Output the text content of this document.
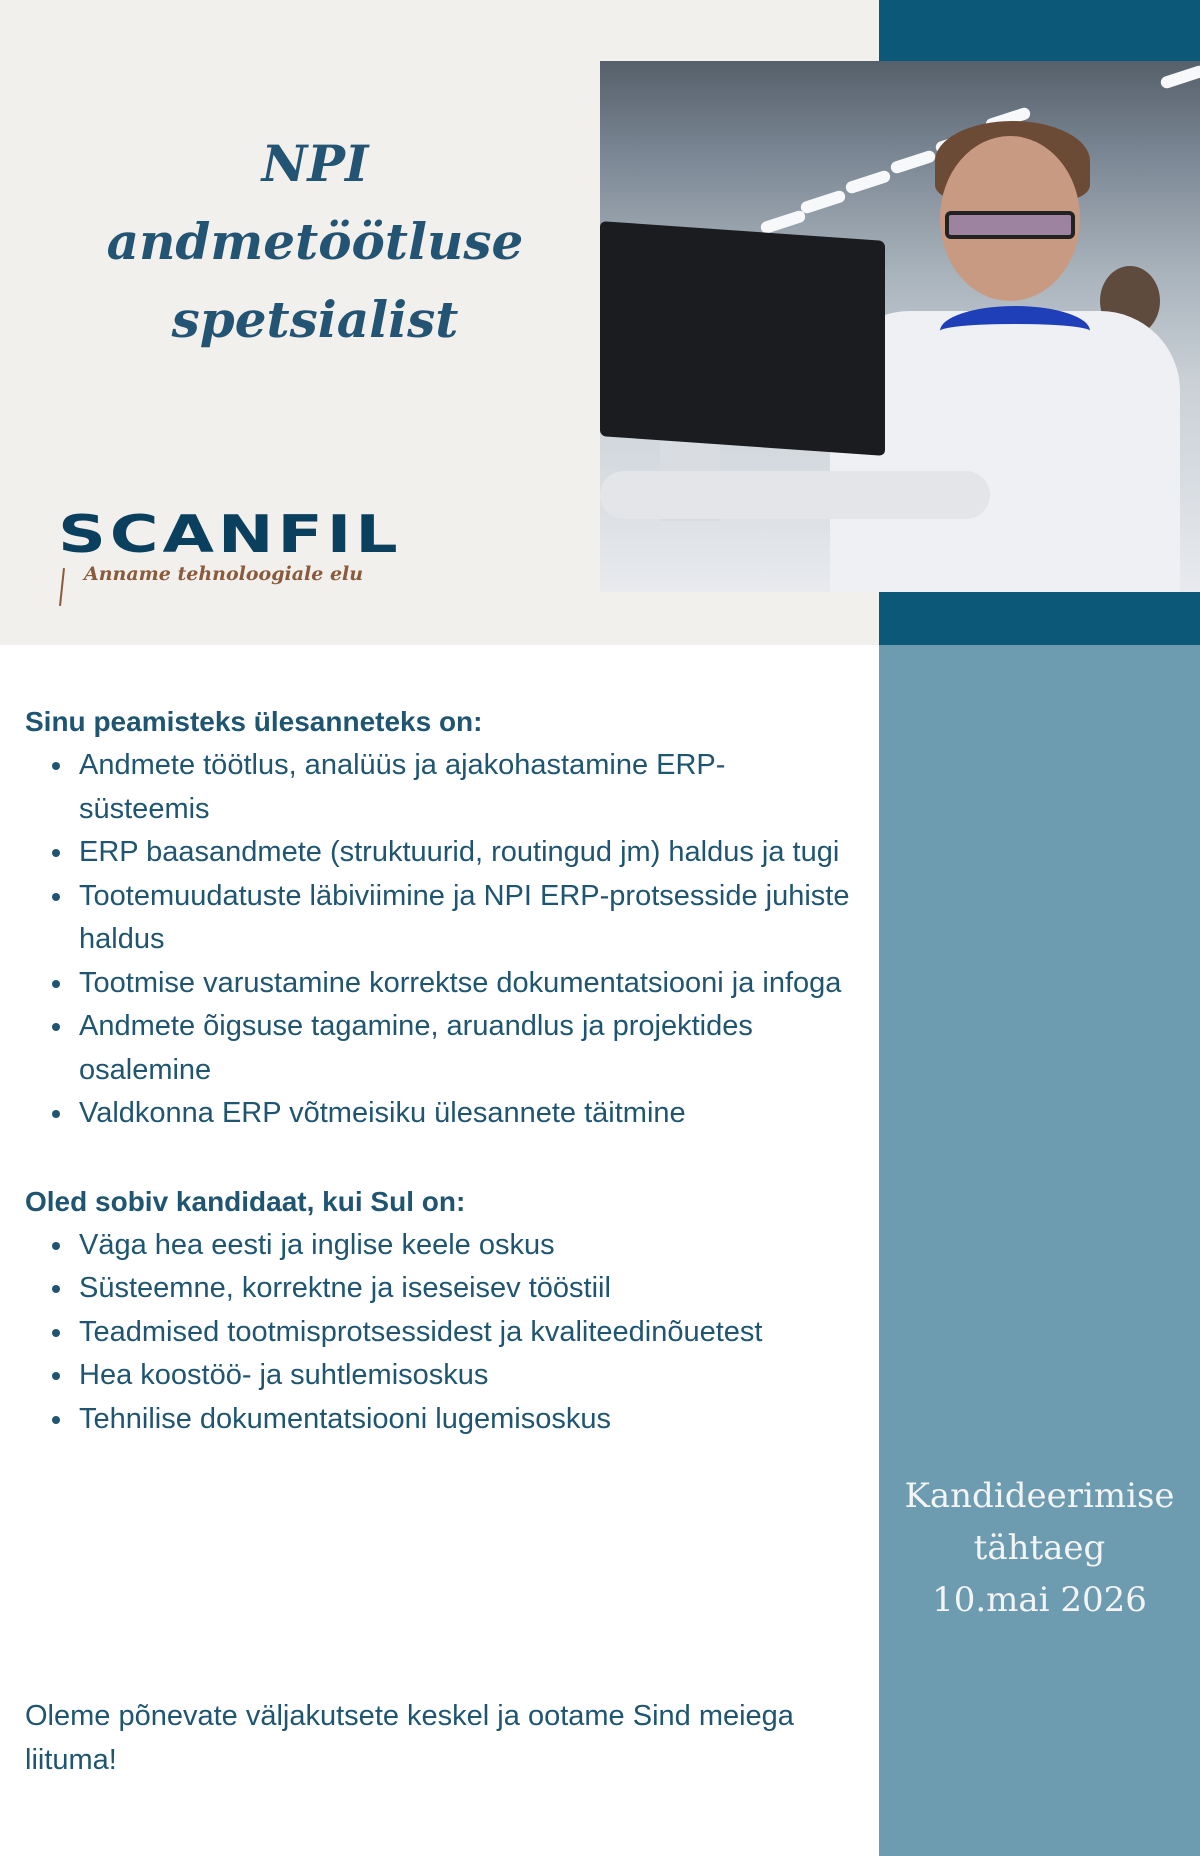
NPI
andmetöötluse
spetsialist
SCANFIL
Anname tehnoloogiale elu
Sinu peamisteks ülesanneteks on:
Andmete töötlus, analüüs ja ajakohastamine ERP-süsteemis
ERP baasandmete (struktuurid, routingud jm) haldus ja tugi
Tootemuudatuste läbiviimine ja NPI ERP-protsesside juhiste haldus
Tootmise varustamine korrektse dokumentatsiooni ja infoga
Andmete õigsuse tagamine, aruandlus ja projektides osalemine
Valdkonna ERP võtmeisiku ülesannete täitmine
Oled sobiv kandidaat, kui Sul on:
Väga hea eesti ja inglise keele oskus
Süsteemne, korrektne ja iseseisev tööstiil
Teadmised tootmisprotsessidest ja kvaliteedinõuetest
Hea koostöö- ja suhtlemisoskus
Tehnilise dokumentatsiooni lugemisoskus
Kandideerimise
tähtaeg
10.mai 2026
Oleme põnevate väljakutsete keskel ja ootame Sind meiega liituma!
